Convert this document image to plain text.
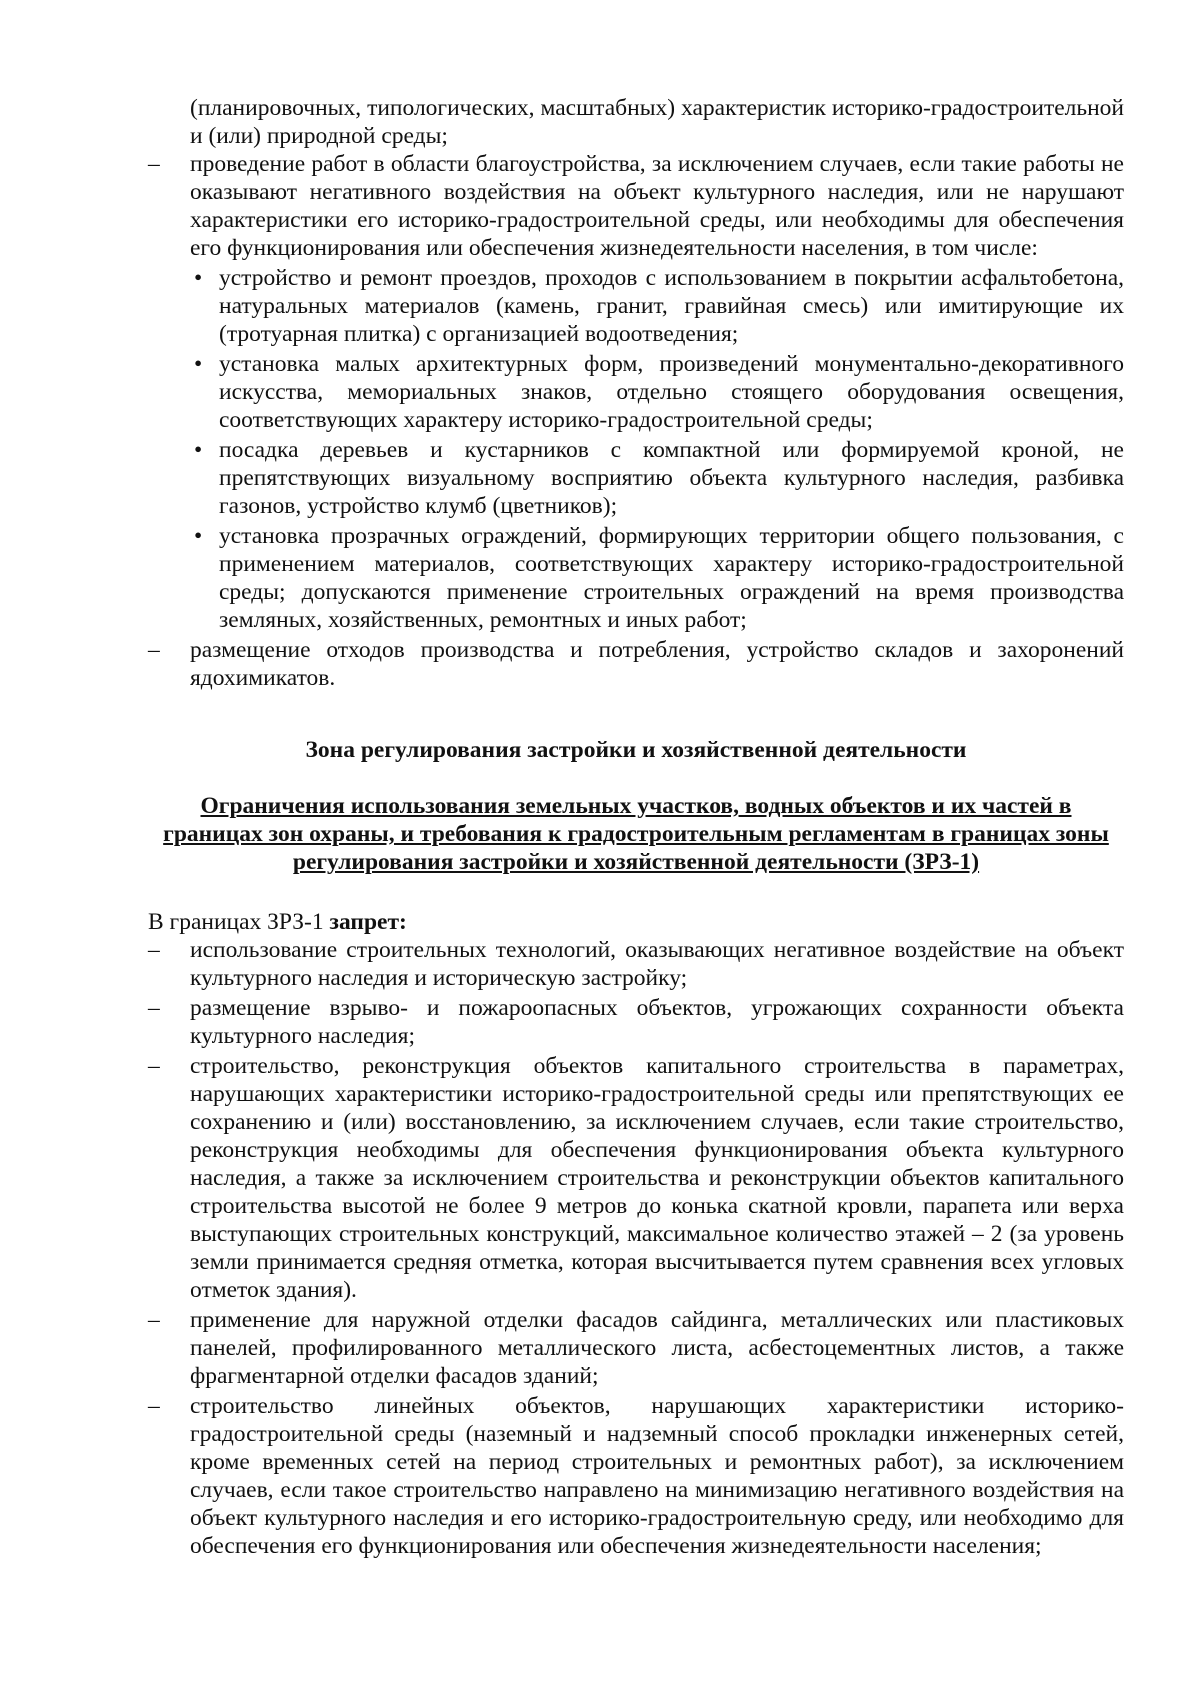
(планировочных, типологических, масштабных) характеристик историко-градостроительной и (или) природной среды;

– проведение работ в области благоустройства, за исключением случаев, если такие работы не оказывают негативного воздействия на объект культурного наследия, или не нарушают характеристики его историко-градостроительной среды, или необходимы для обеспечения его функционирования или обеспечения жизнедеятельности населения, в том числе:
• устройство и ремонт проездов, проходов с использованием в покрытии асфальтобетона, натуральных материалов (камень, гранит, гравийная смесь) или имитирующие их (тротуарная плитка) с организацией водоотведения;
• установка малых архитектурных форм, произведений монументально-декоративного искусства, мемориальных знаков, отдельно стоящего оборудования освещения, соответствующих характеру историко-градостроительной среды;
• посадка деревьев и кустарников с компактной или формируемой кроной, не препятствующих визуальному восприятию объекта культурного наследия, разбивка газонов, устройство клумб (цветников);
• установка прозрачных ограждений, формирующих территории общего пользования, с применением материалов, соответствующих характеру историко-градостроительной среды; допускаются применение строительных ограждений на время производства земляных, хозяйственных, ремонтных и иных работ;
– размещение отходов производства и потребления, устройство складов и захоронений ядохимикатов.

Зона регулирования застройки и хозяйственной деятельности

Ограничения использования земельных участков, водных объектов и их частей в границах зон охраны, и требования к градостроительным регламентам в границах зоны регулирования застройки и хозяйственной деятельности (ЗРЗ-1)

В границах ЗРЗ-1 запрет:

– использование строительных технологий, оказывающих негативное воздействие на объект культурного наследия и историческую застройку;
– размещение взрыво- и пожароопасных объектов, угрожающих сохранности объекта культурного наследия;
– строительство, реконструкция объектов капитального строительства в параметрах, нарушающих характеристики историко-градостроительной среды или препятствующих ее сохранению и (или) восстановлению, за исключением случаев, если такие строительство, реконструкция необходимы для обеспечения функционирования объекта культурного наследия, а также за исключением строительства и реконструкции объектов капитального строительства высотой не более 9 метров до конька скатной кровли, парапета или верха выступающих строительных конструкций, максимальное количество этажей – 2 (за уровень земли принимается средняя отметка, которая высчитывается путем сравнения всех угловых отметок здания).
– применение для наружной отделки фасадов сайдинга, металлических или пластиковых панелей, профилированного металлического листа, асбестоцементных листов, а также фрагментарной отделки фасадов зданий;
– строительство линейных объектов, нарушающих характеристики историко-градостроительной среды (наземный и надземный способ прокладки инженерных сетей, кроме временных сетей на период строительных и ремонтных работ), за исключением случаев, если такое строительство направлено на минимизацию негативного воздействия на объект культурного наследия и его историко-градостроительную среду, или необходимо для обеспечения его функционирования или обеспечения жизнедеятельности населения;
